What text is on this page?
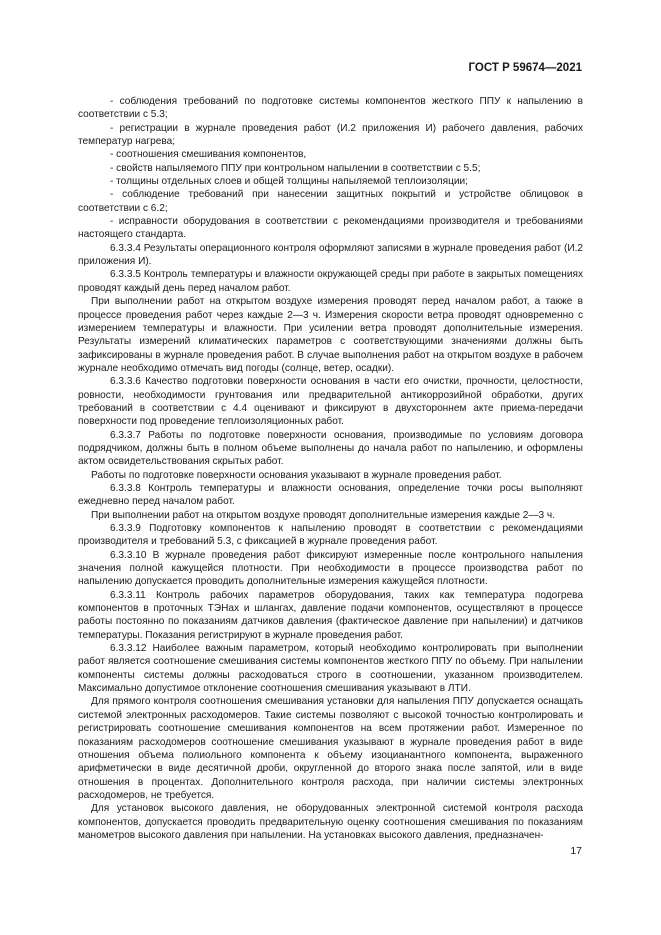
ГОСТ Р 59674—2021

- соблюдения требований по подготовке системы компонентов жесткого ППУ к напылению в соответствии с 5.3;

- регистрации в журнале проведения работ (И.2 приложения И) рабочего давления, рабочих температур нагрева;

- соотношения смешивания компонентов,

- свойств напыляемого ППУ при контрольном напылении в соответствии с 5.5;

- толщины отдельных слоев и общей толщины напыляемой теплоизоляции;

- соблюдение требований при нанесении защитных покрытий и устройстве облицовок в соответствии с 6.2;

- исправности оборудования в соответствии с рекомендациями производителя и требованиями настоящего стандарта.

6.3.3.4 Результаты операционного контроля оформляют записями в журнале проведения работ (И.2 приложения И).

6.3.3.5 Контроль температуры и влажности окружающей среды при работе в закрытых помещениях проводят каждый день перед началом работ.

При выполнении работ на открытом воздухе измерения проводят перед началом работ, а также в процессе проведения работ через каждые 2—3 ч. Измерения скорости ветра проводят одновременно с измерением температуры и влажности. При усилении ветра проводят дополнительные измерения. Результаты измерений климатических параметров с соответствующими значениями должны быть зафиксированы в журнале проведения работ. В случае выполнения работ на открытом воздухе в рабочем журнале необходимо отмечать вид погоды (солнце, ветер, осадки).

6.3.3.6 Качество подготовки поверхности основания в части его очистки, прочности, целостности, ровности, необходимости грунтования или предварительной антикоррозийной обработки, других требований в соответствии с 4.4 оценивают и фиксируют в двухстороннем акте приема-передачи поверхности под проведение теплоизоляционных работ.

6.3.3.7 Работы по подготовке поверхности основания, производимые по условиям договора подрядчиком, должны быть в полном объеме выполнены до начала работ по напылению, и оформлены актом освидетельствования скрытых работ.

Работы по подготовке поверхности основания указывают в журнале проведения работ.

6.3.3.8 Контроль температуры и влажности основания, определение точки росы выполняют ежедневно перед началом работ.

При выполнении работ на открытом воздухе проводят дополнительные измерения каждые 2—3 ч.

6.3.3.9 Подготовку компонентов к напылению проводят в соответствии с рекомендациями производителя и требований 5.3, с фиксацией в журнале проведения работ.

6.3.3.10 В журнале проведения работ фиксируют измеренные после контрольного напыления значения полной кажущейся плотности. При необходимости в процессе производства работ по напылению допускается проводить дополнительные измерения кажущейся плотности.

6.3.3.11 Контроль рабочих параметров оборудования, таких как температура подогрева компонентов в проточных ТЭНах и шлангах, давление подачи компонентов, осуществляют в процессе работы постоянно по показаниям датчиков давления (фактическое давление при напылении) и датчиков температуры. Показания регистрируют в журнале проведения работ.

6.3.3.12 Наиболее важным параметром, который необходимо контролировать при выполнении работ является соотношение смешивания системы компонентов жесткого ППУ по объему. При напылении компоненты системы должны расходоваться строго в соотношении, указанном производителем. Максимально допустимое отклонение соотношения смешивания указывают в ЛТИ.

Для прямого контроля соотношения смешивания установки для напыления ППУ допускается оснащать системой электронных расходомеров. Такие системы позволяют с высокой точностью контролировать и регистрировать соотношение смешивания компонентов на всем протяжении работ. Измеренное по показаниям расходомеров соотношение смешивания указывают в журнале проведения работ в виде отношения объема полиольного компонента к объему изоцианантного компонента, выраженного арифметически в виде десятичной дроби, округленной до второго знака после запятой, или в виде отношения в процентах. Дополнительного контроля расхода, при наличии системы электронных расходомеров, не требуется.

Для установок высокого давления, не оборудованных электронной системой контроля расхода компонентов, допускается проводить предварительную оценку соотношения смешивания по показаниям манометров высокого давления при напылении. На установках высокого давления, предназначен-

17
